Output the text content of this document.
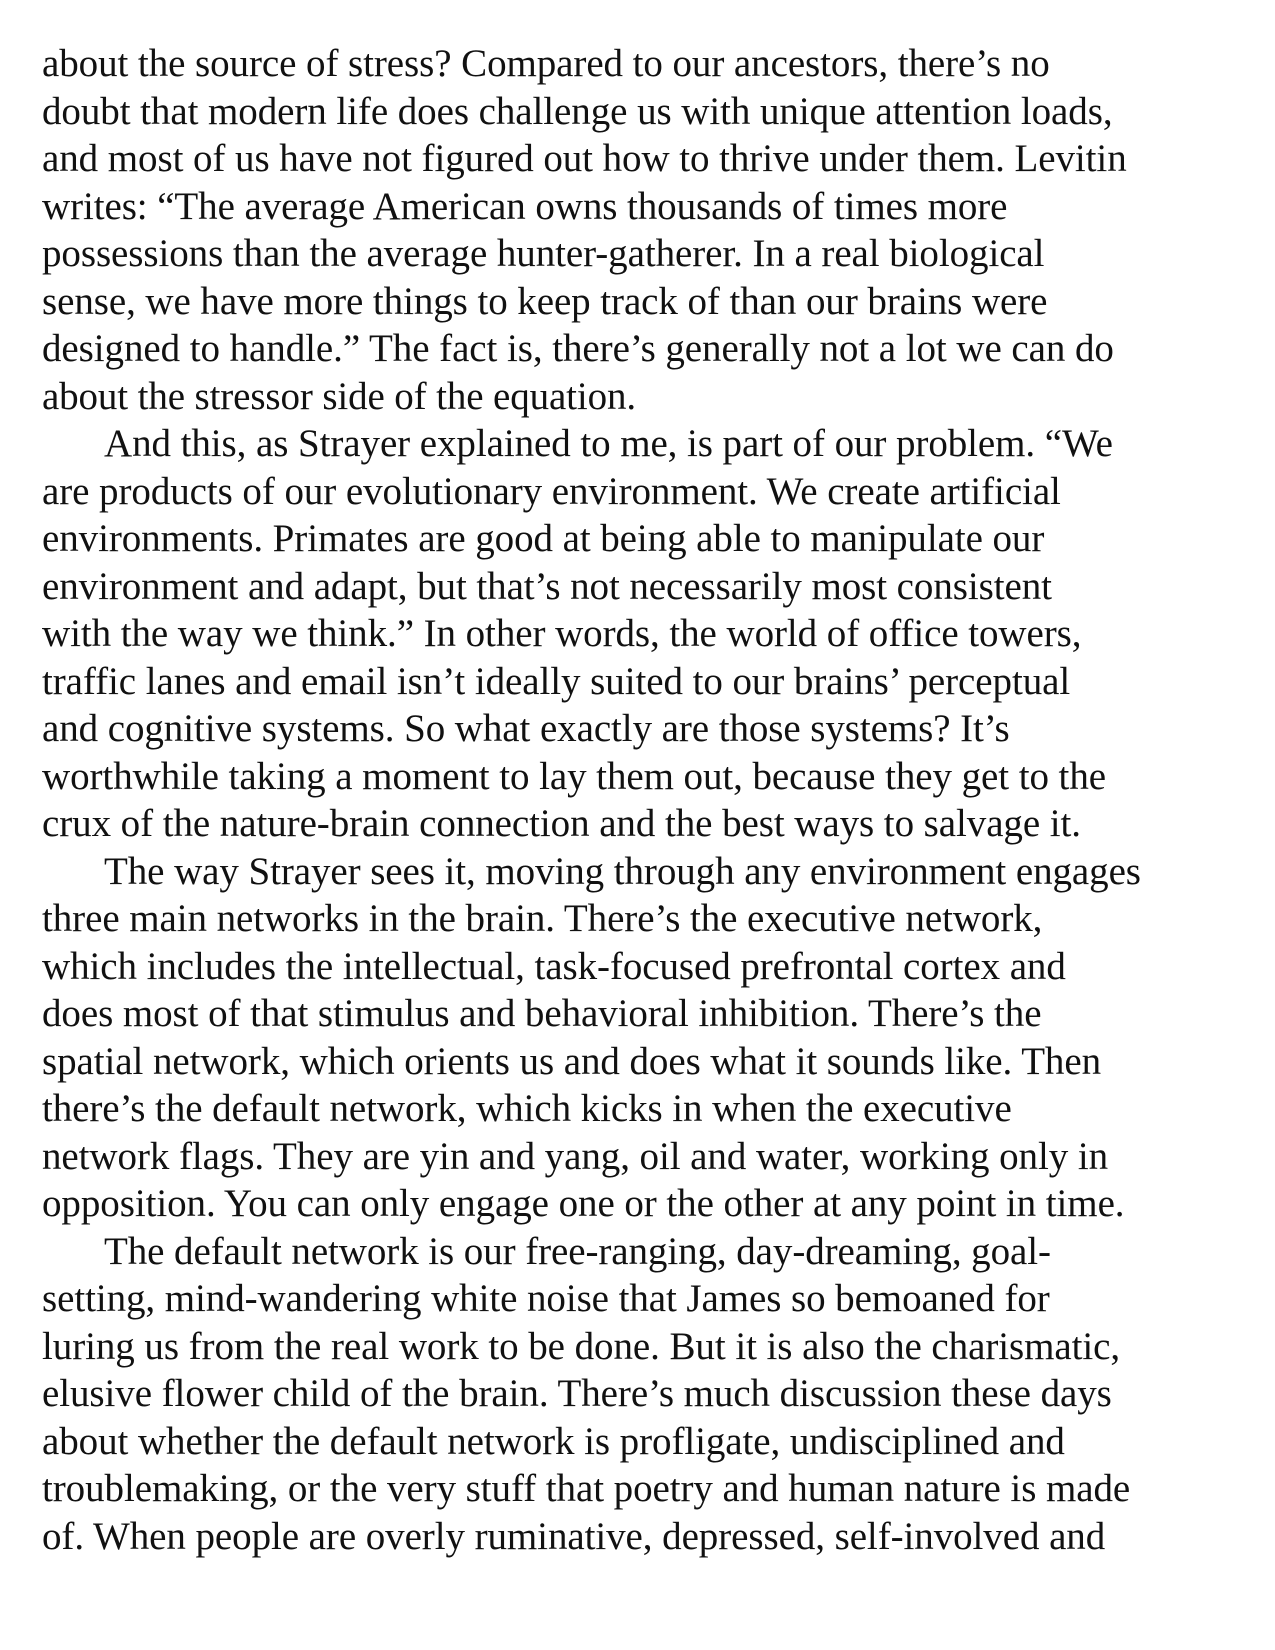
about the source of stress? Compared to our ancestors, there’s no
doubt that modern life does challenge us with unique attention loads,
and most of us have not figured out how to thrive under them. Levitin
writes: “The average American owns thousands of times more
possessions than the average hunter-gatherer. In a real biological
sense, we have more things to keep track of than our brains were
designed to handle.” The fact is, there’s generally not a lot we can do
about the stressor side of the equation.
And this, as Strayer explained to me, is part of our problem. “We
are products of our evolutionary environment. We create artificial
environments. Primates are good at being able to manipulate our
environment and adapt, but that’s not necessarily most consistent
with the way we think.” In other words, the world of office towers,
traffic lanes and email isn’t ideally suited to our brains’ perceptual
and cognitive systems. So what exactly are those systems? It’s
worthwhile taking a moment to lay them out, because they get to the
crux of the nature-brain connection and the best ways to salvage it.
The way Strayer sees it, moving through any environment engages
three main networks in the brain. There’s the executive network,
which includes the intellectual, task-focused prefrontal cortex and
does most of that stimulus and behavioral inhibition. There’s the
spatial network, which orients us and does what it sounds like. Then
there’s the default network, which kicks in when the executive
network flags. They are yin and yang, oil and water, working only in
opposition. You can only engage one or the other at any point in time.
The default network is our free-ranging, day-dreaming, goal-
setting, mind-wandering white noise that James so bemoaned for
luring us from the real work to be done. But it is also the charismatic,
elusive flower child of the brain. There’s much discussion these days
about whether the default network is profligate, undisciplined and
troublemaking, or the very stuff that poetry and human nature is made
of. When people are overly ruminative, depressed, self-involved and
